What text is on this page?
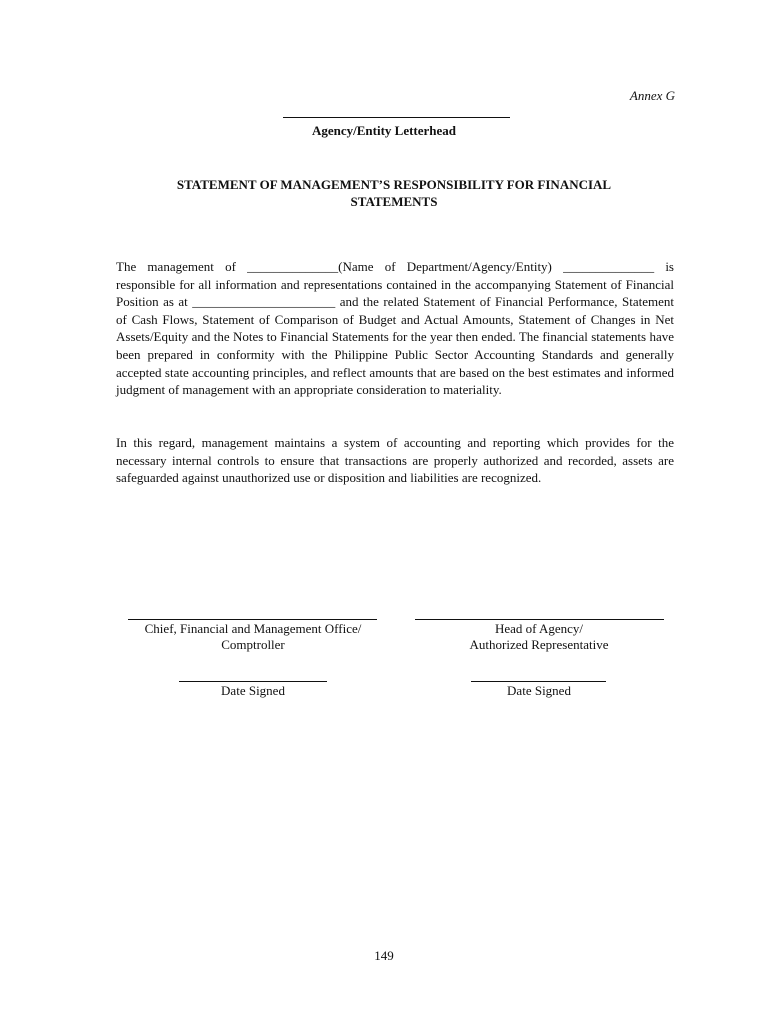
Annex G
Agency/Entity Letterhead
STATEMENT OF MANAGEMENT’S RESPONSIBILITY FOR FINANCIAL STATEMENTS
The management of ______________(Name of Department/Agency/Entity) ______________ is responsible for all information and representations contained in the accompanying Statement of Financial Position as at ______________________ and the related Statement of Financial Performance, Statement of Cash Flows, Statement of Comparison of Budget and Actual Amounts, Statement of Changes in Net Assets/Equity and the Notes to Financial Statements for the year then ended. The financial statements have been prepared in conformity with the Philippine Public Sector Accounting Standards and generally accepted state accounting principles, and reflect amounts that are based on the best estimates and informed judgment of management with an appropriate consideration to materiality.
In this regard, management maintains a system of accounting and reporting which provides for the necessary internal controls to ensure that transactions are properly authorized and recorded, assets are safeguarded against unauthorized use or disposition and liabilities are recognized.
Chief, Financial and Management Office/
Comptroller
Date Signed
Head of Agency/
Authorized Representative
Date Signed
149
